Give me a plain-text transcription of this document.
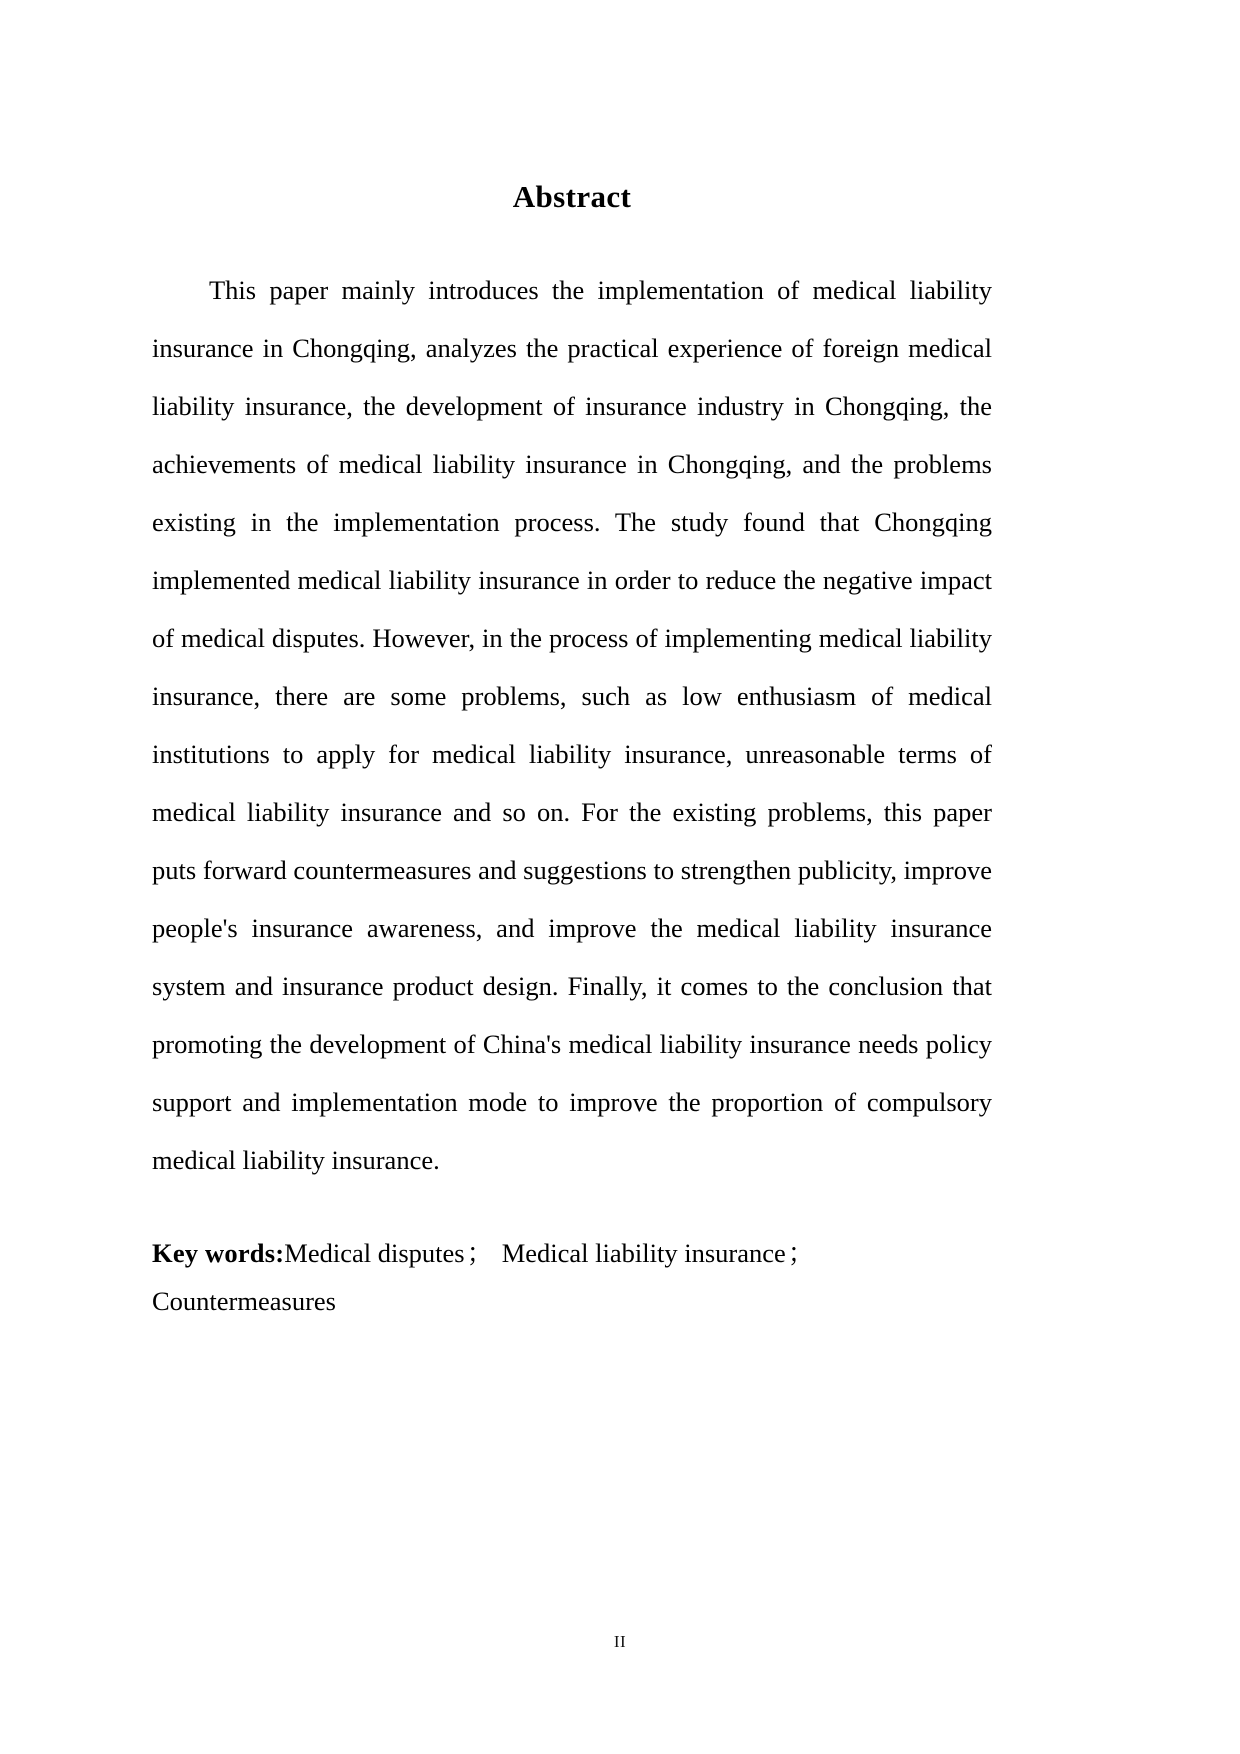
Abstract

This paper mainly introduces the implementation of medical liability insurance in Chongqing, analyzes the practical experience of foreign medical liability insurance, the development of insurance industry in Chongqing, the achievements of medical liability insurance in Chongqing, and the problems existing in the implementation process. The study found that Chongqing implemented medical liability insurance in order to reduce the negative impact of medical disputes. However, in the process of implementing medical liability insurance, there are some problems, such as low enthusiasm of medical institutions to apply for medical liability insurance, unreasonable terms of medical liability insurance and so on. For the existing problems, this paper puts forward countermeasures and suggestions to strengthen publicity, improve people's insurance awareness, and improve the medical liability insurance system and insurance product design. Finally, it comes to the conclusion that promoting the development of China's medical liability insurance needs policy support and implementation mode to improve the proportion of compulsory medical liability insurance.

Key words:Medical disputes； Medical liability insurance； Countermeasures

II
